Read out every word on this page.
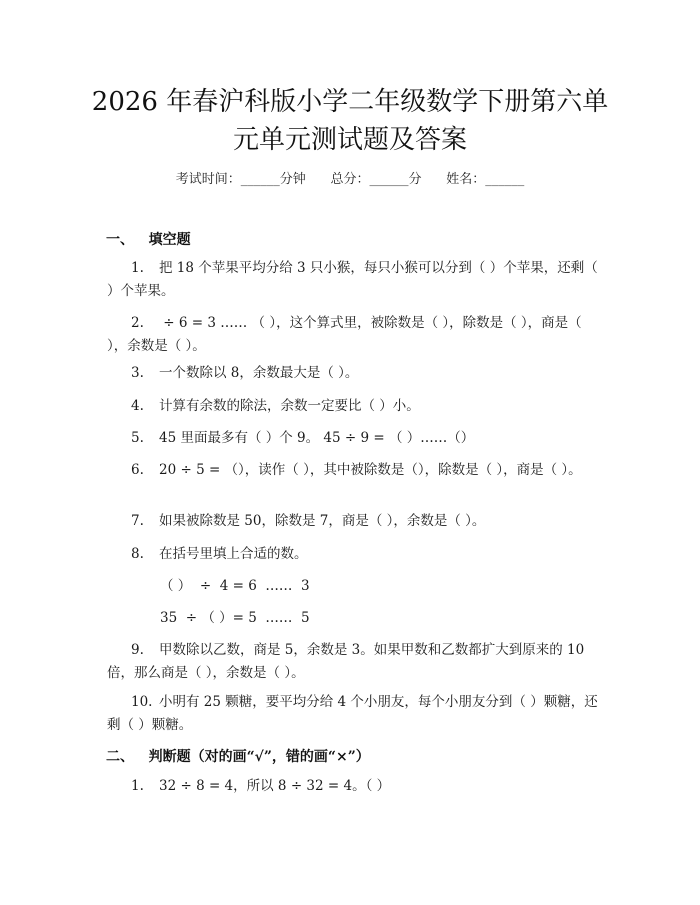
2026 年春沪科版小学二年级数学下册第六单
元单元测试题及答案
考试时间：______分钟      总分：______分      姓名：______
一、   填空题
1. 把 18 个苹果平均分给 3 只小猴，每只小猴可以分到（ ）个苹果，还剩（ ）个苹果。
2. ÷ 6 = 3 …… （ ），这个算式里，被除数是（ ），除数是（ ），商是（ ），余数是（ ）。
3. 一个数除以 8，余数最大是（ ）。
4. 计算有余数的除法，余数一定要比（ ）小。
5. 45 里面最多有（ ）个 9。 45 ÷ 9 = （ ）……（）
6. 20 ÷ 5 = （），读作（ ），其中被除数是（），除数是（ ），商是（ ）。
7. 如果被除数是 50，除数是 7，商是（ ），余数是（ ）。
8. 在括号里填上合适的数。
（ ）  ÷  4 = 6  ……  3
35  ÷ （ ）= 5  ……  5
9. 甲数除以乙数，商是 5，余数是 3。如果甲数和乙数都扩大到原来的 10 倍，那么商是（ ），余数是（ ）。
10. 小明有 25 颗糖，要平均分给 4 个小朋友，每个小朋友分到（ ）颗糖，还剩（ ）颗糖。
二、   判断题（对的画“√”，错的画“×”）
1. 32 ÷ 8 = 4，所以 8 ÷ 32 = 4。（ ）
